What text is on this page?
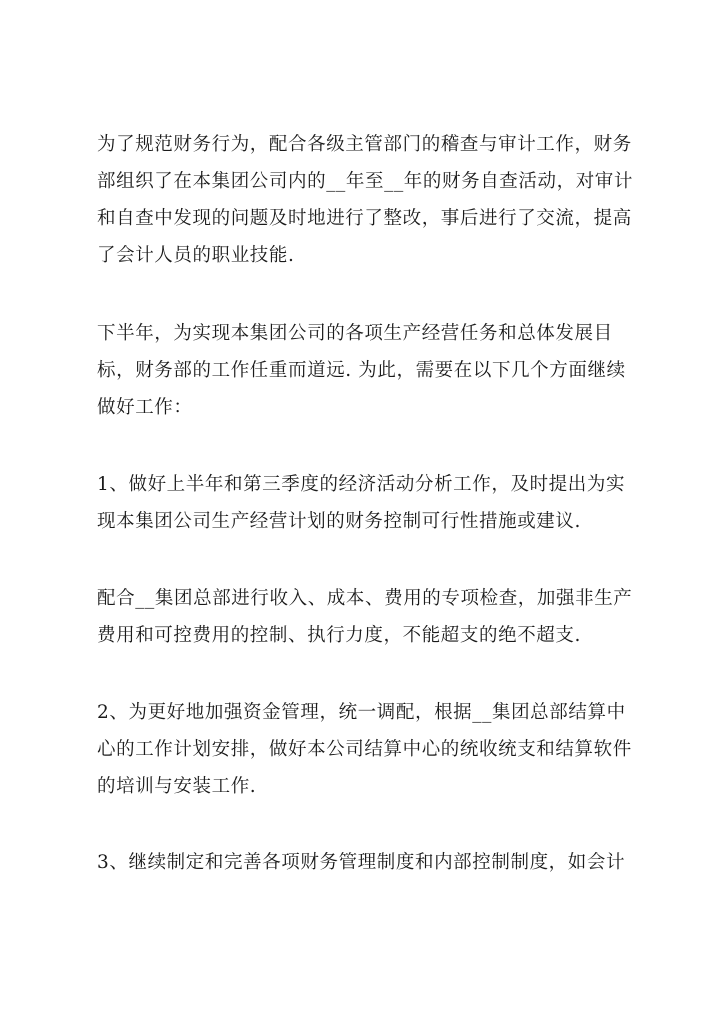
为了规范财务行为，配合各级主管部门的稽查与审计工作，财务
部组织了在本集团公司内的__年至__年的财务自查活动，对审计
和自查中发现的问题及时地进行了整改，事后进行了交流，提高
了会计人员的职业技能.

下半年，为实现本集团公司的各项生产经营任务和总体发展目
标，财务部的工作任重而道远. 为此，需要在以下几个方面继续
做好工作：

1、做好上半年和第三季度的经济活动分析工作，及时提出为实
现本集团公司生产经营计划的财务控制可行性措施或建议.

配合__集团总部进行收入、成本、费用的专项检查，加强非生产
费用和可控费用的控制、执行力度，不能超支的绝不超支.

2、为更好地加强资金管理，统一调配，根据__集团总部结算中
心的工作计划安排，做好本公司结算中心的统收统支和结算软件
的培训与安装工作.

3、继续制定和完善各项财务管理制度和内部控制制度，如会计
